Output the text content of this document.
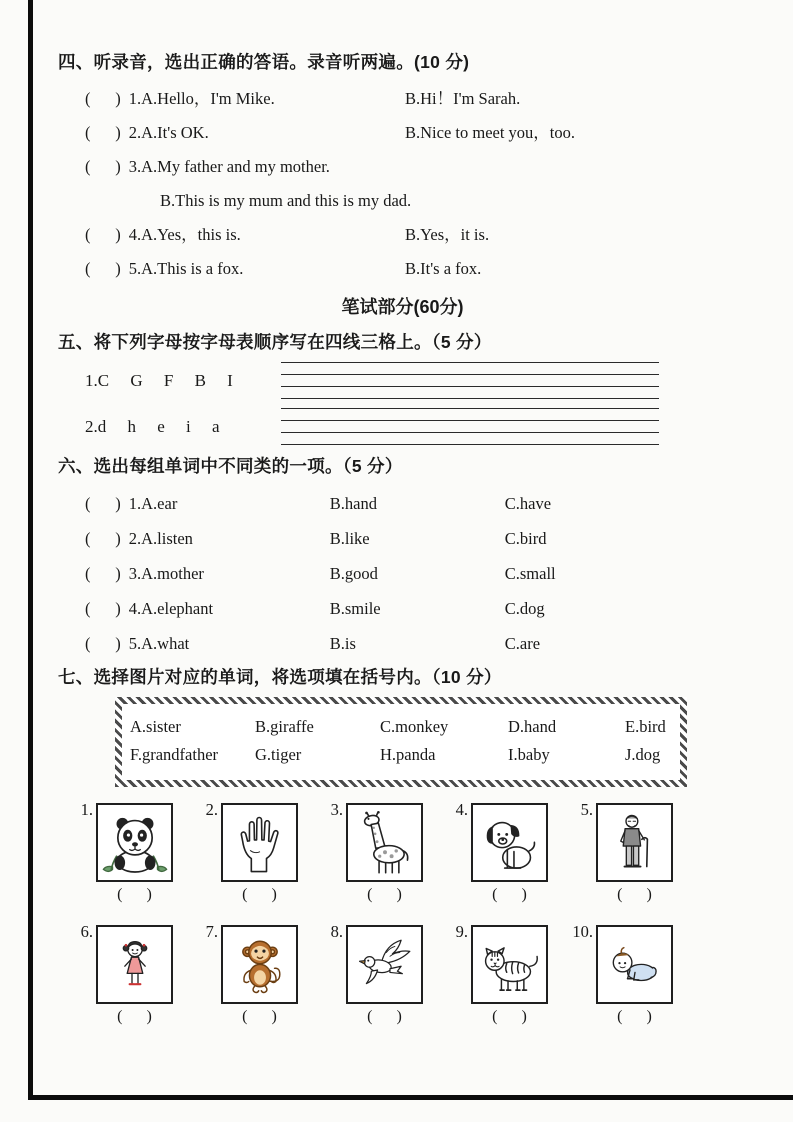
四、听录音，选出正确的答语。录音听两遍。(10 分)
(      ) 1.A.Hello，I'm Mike.	B.Hi！I'm Sarah.
(      ) 2.A.It's OK.	B.Nice to meet you，too.
(      ) 3.A.My father and my mother.
B.This is my mum and this is my dad.
(      ) 4.A.Yes，this is.	B.Yes，it is.
(      ) 5.A.This is a fox.	B.It's a fox.
笔试部分(60分)
五、将下列字母按字母表顺序写在四线三格上。（5 分）
1.C     G     F     B     I
2.d     h     e     i     a
六、选出每组单词中不同类的一项。（5 分）
(      ) 1.A.ear	B.hand	C.have
(      ) 2.A.listen	B.like	C.bird
(      ) 3.A.mother	B.good	C.small
(      ) 4.A.elephant	B.smile	C.dog
(      ) 5.A.what	B.is	C.are
七、选择图片对应的单词，将选项填在括号内。（10 分）
A.sister	B.giraffe	C.monkey	D.hand	E.bird
F.grandfather	G.tiger	H.panda	I.baby	J.dog
1.
(      )
2.
(      )
3.
(      )
4.
(      )
5.
(      )
6.
(      )
7.
(      )
8.
(      )
9.
(      )
10.
(      )
